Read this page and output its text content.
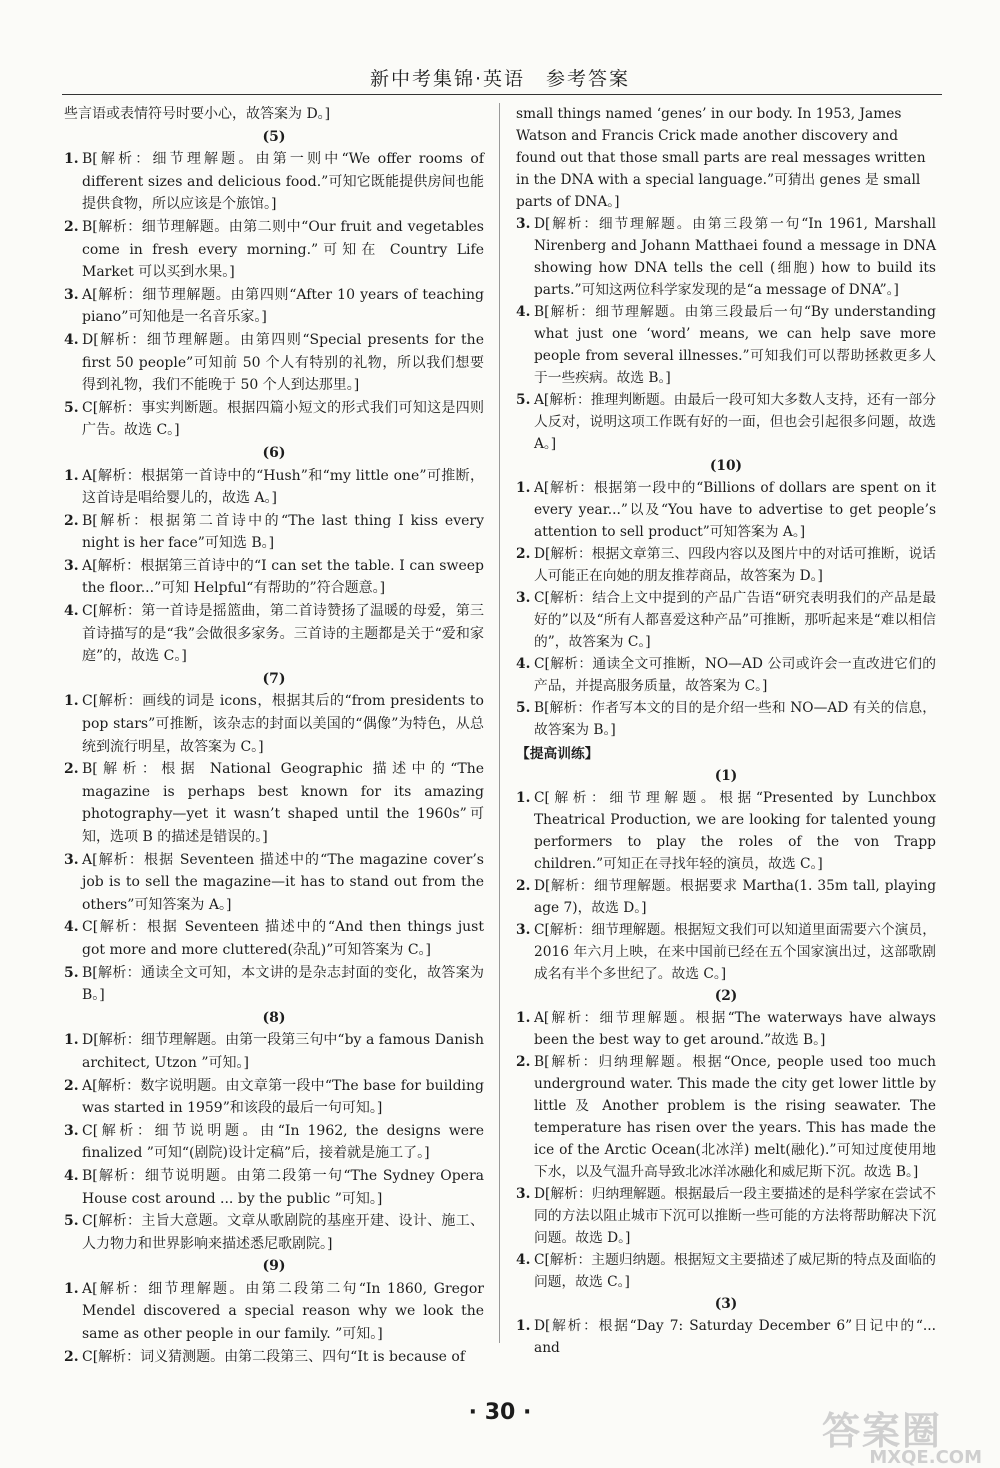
新中考集锦·英语　参考答案

些言语或表情符号时要小心，故答案为 D。]

(5)

1. B[解析：细节理解题。由第一则中“We offer rooms of different sizes and delicious food.”可知它既能提供房间也能提供食物，所以应该是个旅馆。]
2. B[解析：细节理解题。由第二则中“Our fruit and vegetables come in fresh every morning.”可知在 Country Life Market 可以买到水果。]
3. A[解析：细节理解题。由第四则“After 10 years of teaching piano”可知他是一名音乐家。]
4. D[解析：细节理解题。由第四则“Special presents for the first 50 people”可知前 50 个人有特别的礼物，所以我们想要得到礼物，我们不能晚于 50 个人到达那里。]
5. C[解析：事实判断题。根据四篇小短文的形式我们可知这是四则广告。故选 C。]

(6)

1. A[解析：根据第一首诗中的“Hush”和“my little one”可推断，这首诗是唱给婴儿的，故选 A。]
2. B[解析：根据第二首诗中的“The last thing I kiss every night is her face”可知选 B。]
3. A[解析：根据第三首诗中的“I can set the table. I can sweep the floor...”可知 Helpful“有帮助的”符合题意。]
4. C[解析：第一首诗是摇篮曲，第二首诗赞扬了温暖的母爱，第三首诗描写的是“我”会做很多家务。三首诗的主题都是关于“爱和家庭”的，故选 C。]

(7)

1. C[解析：画线的词是 icons，根据其后的“from presidents to pop stars”可推断，该杂志的封面以美国的“偶像”为特色，从总统到流行明星，故答案为 C。]
2. B[解析：根据 National Geographic 描述中的“The magazine is perhaps best known for its amazing photography—yet it wasn’t shaped until the 1960s”可知，选项 B 的描述是错误的。]
3. A[解析：根据 Seventeen 描述中的“The magazine cover’s job is to sell the magazine—it has to stand out from the others”可知答案为 A。]
4. C[解析：根据 Seventeen 描述中的“And then things just got more and more cluttered(杂乱)”可知答案为 C。]
5. B[解析：通读全文可知，本文讲的是杂志封面的变化，故答案为 B。]

(8)

1. D[解析：细节理解题。由第一段第三句中“by a famous Danish architect, Utzon ”可知。]
2. A[解析：数字说明题。由文章第一段中“The base for building was started in 1959”和该段的最后一句可知。]
3. C[解析：细节说明题。由“In 1962, the designs were finalized ”可知“(剧院)设计定稿”后，接着就是施工了。]
4. B[解析：细节说明题。由第二段第一句“The Sydney Opera House cost around ... by the public ”可知。]
5. C[解析：主旨大意题。文章从歌剧院的基座开建、设计、施工、人力物力和世界影响来描述悉尼歌剧院。]

(9)

1. A[解析：细节理解题。由第二段第二句“In 1860, Gregor Mendel discovered a special reason why we look the same as other people in our family. ”可知。]
2. C[解析：词义猜测题。由第二段第三、四句“It is because of

small things named ‘genes’ in our body. In 1953, James Watson and Francis Crick made another discovery and found out that those small parts are real messages written in the DNA with a special language.”可猜出 genes 是 small parts of DNA。]

3. D[解析：细节理解题。由第三段第一句“In 1961, Marshall Nirenberg and Johann Matthaei found a message in DNA showing how DNA tells the cell (细胞) how to build its parts.”可知这两位科学家发现的是“a message of DNA”。]
4. B[解析：细节理解题。由第三段最后一句“By understanding what just one ‘word’ means, we can help save more people from several illnesses.”可知我们可以帮助拯救更多人于一些疾病。故选 B。]
5. A[解析：推理判断题。由最后一段可知大多数人支持，还有一部分人反对，说明这项工作既有好的一面，但也会引起很多问题，故选 A。]

(10)

1. A[解析：根据第一段中的“Billions of dollars are spent on it every year...”以及“You have to advertise to get people’s attention to sell product”可知答案为 A。]
2. D[解析：根据文章第三、四段内容以及图片中的对话可推断，说话人可能正在向她的朋友推荐商品，故答案为 D。]
3. C[解析：结合上文中提到的产品广告语“研究表明我们的产品是最好的”以及“所有人都喜爱这种产品”可推断，那听起来是“难以相信的”，故答案为 C。]
4. C[解析：通读全文可推断，NO—AD 公司或许会一直改进它们的产品，并提高服务质量，故答案为 C。]
5. B[解析：作者写本文的目的是介绍一些和 NO—AD 有关的信息，故答案为 B。]

【提高训练】

(1)

1. C[解析：细节理解题。根据“Presented by Lunchbox Theatrical Production, we are looking for talented young performers to play the roles of the von Trapp children.”可知正在寻找年轻的演员，故选 C。]
2. D[解析：细节理解题。根据要求 Martha(1. 35m tall, playing age 7)，故选 D。]
3. C[解析：细节理解题。根据短文我们可以知道里面需要六个演员，2016 年六月上映，在来中国前已经在五个国家演出过，这部歌剧成名有半个多世纪了。故选 C。]

(2)

1. A[解析：细节理解题。根据“The waterways have always been the best way to get around.”故选 B。]
2. B[解析：归纳理解题。根据“Once, people used too much underground water. This made the city get lower little by little 及 Another problem is the rising seawater. The temperature has risen over the years. This has made the ice of the Arctic Ocean(北冰洋) melt(融化).”可知过度使用地下水，以及气温升高导致北冰洋冰融化和威尼斯下沉。故选 B。]
3. D[解析：归纳理解题。根据最后一段主要描述的是科学家在尝试不同的方法以阻止城市下沉可以推断一些可能的方法将帮助解决下沉问题。故选 D。]
4. C[解析：主题归纳题。根据短文主要描述了威尼斯的特点及面临的问题，故选 C。]

(3)

1. D[解析：根据“Day 7: Saturday December 6”日记中的“... and
· 30 ·	答案圈
MXQE.COM
